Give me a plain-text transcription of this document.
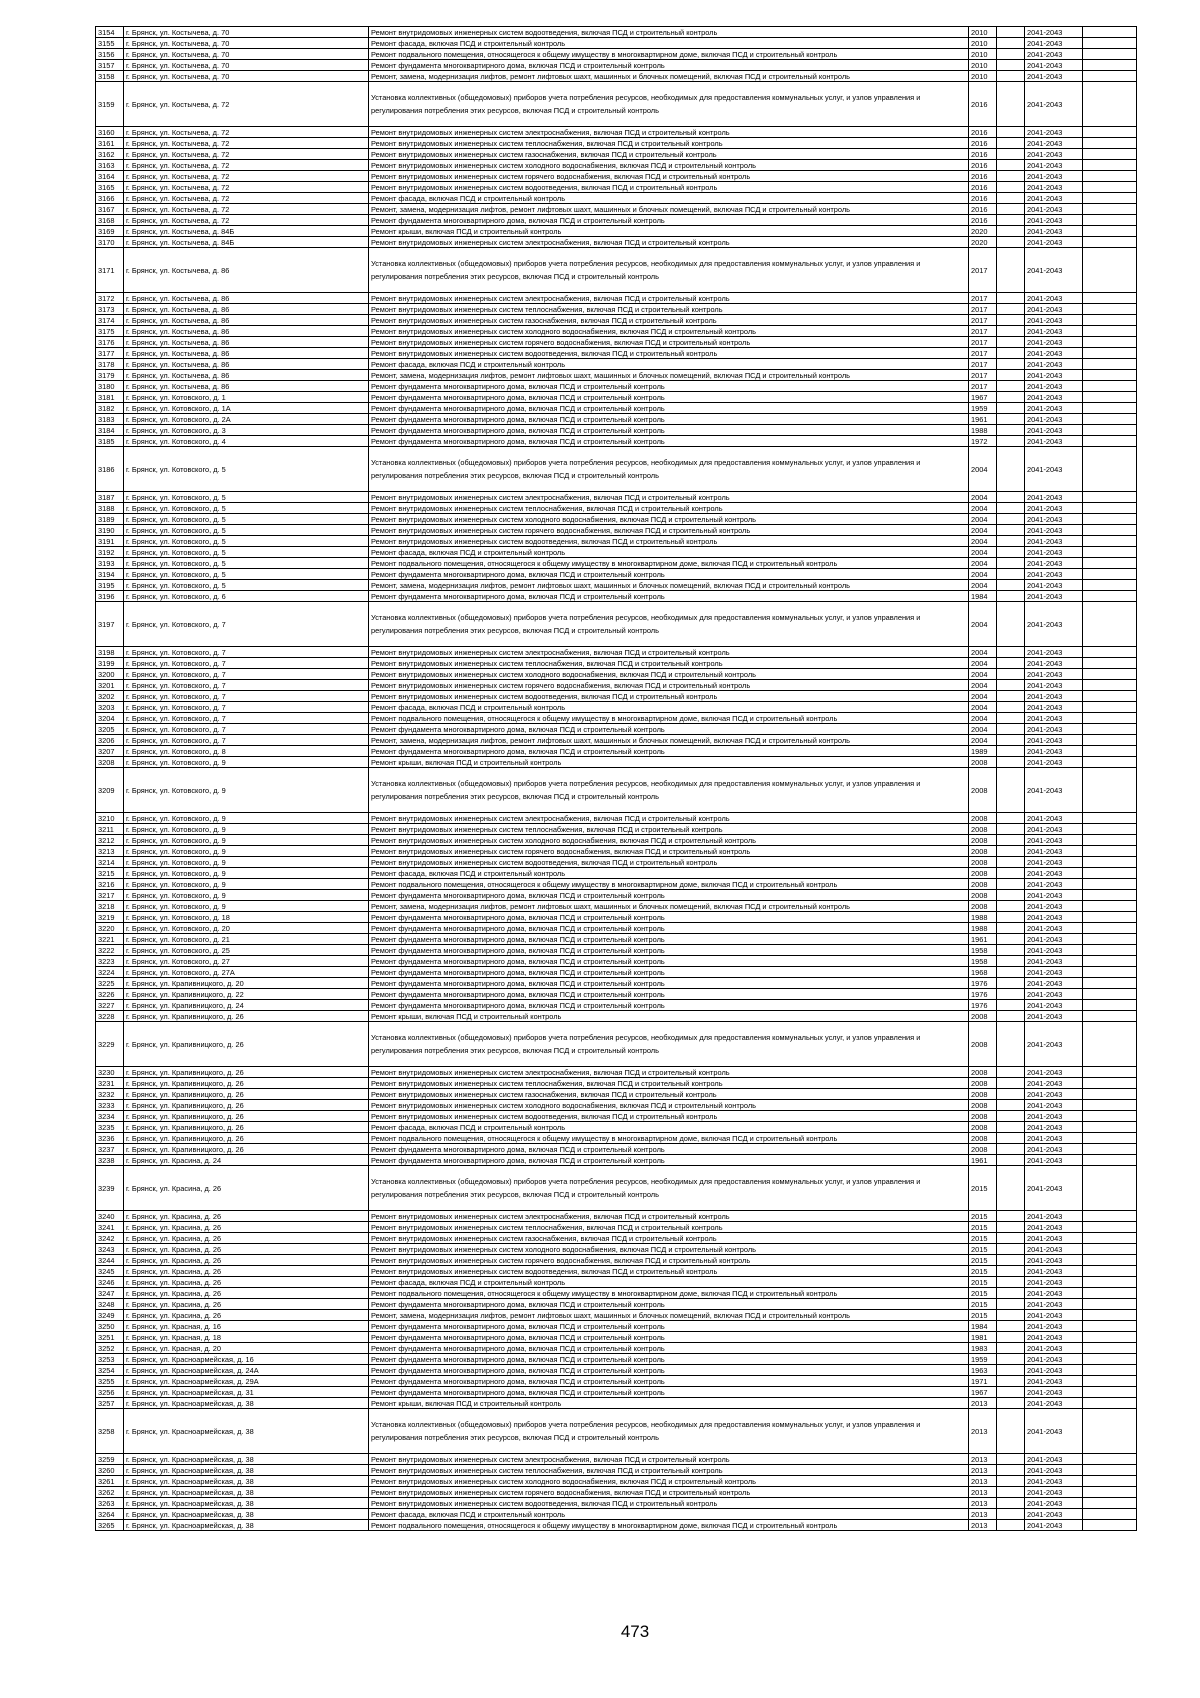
3154	г. Брянск, ул. Костычева, д. 70	Ремонт внутридомовых инженерных систем водоотведения, включая ПСД и строительный контроль	2010		2041-2043	
3155	г. Брянск, ул. Костычева, д. 70	Ремонт фасада, включая ПСД и строительный контроль	2010		2041-2043	
3156	г. Брянск, ул. Костычева, д. 70	Ремонт подвального помещения, относящегося к общему имуществу в многоквартирном доме, включая ПСД и строительный контроль	2010		2041-2043	
3157	г. Брянск, ул. Костычева, д. 70	Ремонт фундамента многоквартирного дома, включая ПСД и строительный контроль	2010		2041-2043	
3158	г. Брянск, ул. Костычева, д. 70	Ремонт, замена, модернизация лифтов, ремонт лифтовых шахт, машинных и блочных помещений, включая ПСД и строительный контроль	2010		2041-2043	
3159	г. Брянск, ул. Костычева, д. 72	Установка коллективных (общедомовых) приборов учета потребления ресурсов, необходимых для предоставления коммунальных услуг, и узлов управления и регулирования потребления этих ресурсов, включая ПСД и строительный контроль	2016		2041-2043	
3160	г. Брянск, ул. Костычева, д. 72	Ремонт внутридомовых инженерных систем электроснабжения, включая ПСД и строительный контроль	2016		2041-2043	
3161	г. Брянск, ул. Костычева, д. 72	Ремонт внутридомовых инженерных систем теплоснабжения, включая ПСД и строительный контроль	2016		2041-2043	
3162	г. Брянск, ул. Костычева, д. 72	Ремонт внутридомовых инженерных систем газоснабжения, включая ПСД и строительный контроль	2016		2041-2043	
3163	г. Брянск, ул. Костычева, д. 72	Ремонт внутридомовых инженерных систем холодного водоснабжения, включая ПСД и строительный контроль	2016		2041-2043	
3164	г. Брянск, ул. Костычева, д. 72	Ремонт внутридомовых инженерных систем горячего водоснабжения, включая ПСД и строительный контроль	2016		2041-2043	
3165	г. Брянск, ул. Костычева, д. 72	Ремонт внутридомовых инженерных систем водоотведения, включая ПСД и строительный контроль	2016		2041-2043	
3166	г. Брянск, ул. Костычева, д. 72	Ремонт фасада, включая ПСД и строительный контроль	2016		2041-2043	
3167	г. Брянск, ул. Костычева, д. 72	Ремонт, замена, модернизация лифтов, ремонт лифтовых шахт, машинных и блочных помещений, включая ПСД и строительный контроль	2016		2041-2043	
3168	г. Брянск, ул. Костычева, д. 72	Ремонт фундамента многоквартирного дома, включая ПСД и строительный контроль	2016		2041-2043	
3169	г. Брянск, ул. Костычева, д. 84Б	Ремонт крыши, включая ПСД и строительный контроль	2020		2041-2043	
3170	г. Брянск, ул. Костычева, д. 84Б	Ремонт внутридомовых инженерных систем электроснабжения, включая ПСД и строительный контроль	2020		2041-2043	
3171	г. Брянск, ул. Костычева, д. 86	Установка коллективных (общедомовых) приборов учета потребления ресурсов, необходимых для предоставления коммунальных услуг, и узлов управления и регулирования потребления этих ресурсов, включая ПСД и строительный контроль	2017		2041-2043	
3172	г. Брянск, ул. Костычева, д. 86	Ремонт внутридомовых инженерных систем электроснабжения, включая ПСД и строительный контроль	2017		2041-2043	
3173	г. Брянск, ул. Костычева, д. 86	Ремонт внутридомовых инженерных систем теплоснабжения, включая ПСД и строительный контроль	2017		2041-2043	
3174	г. Брянск, ул. Костычева, д. 86	Ремонт внутридомовых инженерных систем газоснабжения, включая ПСД и строительный контроль	2017		2041-2043	
3175	г. Брянск, ул. Костычева, д. 86	Ремонт внутридомовых инженерных систем холодного водоснабжения, включая ПСД и строительный контроль	2017		2041-2043	
3176	г. Брянск, ул. Костычева, д. 86	Ремонт внутридомовых инженерных систем горячего водоснабжения, включая ПСД и строительный контроль	2017		2041-2043	
3177	г. Брянск, ул. Костычева, д. 86	Ремонт внутридомовых инженерных систем водоотведения, включая ПСД и строительный контроль	2017		2041-2043	
3178	г. Брянск, ул. Костычева, д. 86	Ремонт фасада, включая ПСД и строительный контроль	2017		2041-2043	
3179	г. Брянск, ул. Костычева, д. 86	Ремонт, замена, модернизация лифтов, ремонт лифтовых шахт, машинных и блочных помещений, включая ПСД и строительный контроль	2017		2041-2043	
3180	г. Брянск, ул. Костычева, д. 86	Ремонт фундамента многоквартирного дома, включая ПСД и строительный контроль	2017		2041-2043	
3181	г. Брянск, ул. Котовского, д. 1	Ремонт фундамента многоквартирного дома, включая ПСД и строительный контроль	1967		2041-2043	
3182	г. Брянск, ул. Котовского, д. 1А	Ремонт фундамента многоквартирного дома, включая ПСД и строительный контроль	1959		2041-2043	
3183	г. Брянск, ул. Котовского, д. 2А	Ремонт фундамента многоквартирного дома, включая ПСД и строительный контроль	1961		2041-2043	
3184	г. Брянск, ул. Котовского, д. 3	Ремонт фундамента многоквартирного дома, включая ПСД и строительный контроль	1988		2041-2043	
3185	г. Брянск, ул. Котовского, д. 4	Ремонт фундамента многоквартирного дома, включая ПСД и строительный контроль	1972		2041-2043	
3186	г. Брянск, ул. Котовского, д. 5	Установка коллективных (общедомовых) приборов учета потребления ресурсов, необходимых для предоставления коммунальных услуг, и узлов управления и регулирования потребления этих ресурсов, включая ПСД и строительный контроль	2004		2041-2043	
3187	г. Брянск, ул. Котовского, д. 5	Ремонт внутридомовых инженерных систем электроснабжения, включая ПСД и строительный контроль	2004		2041-2043	
3188	г. Брянск, ул. Котовского, д. 5	Ремонт внутридомовых инженерных систем теплоснабжения, включая ПСД и строительный контроль	2004		2041-2043	
3189	г. Брянск, ул. Котовского, д. 5	Ремонт внутридомовых инженерных систем холодного водоснабжения, включая ПСД и строительный контроль	2004		2041-2043	
3190	г. Брянск, ул. Котовского, д. 5	Ремонт внутридомовых инженерных систем горячего водоснабжения, включая ПСД и строительный контроль	2004		2041-2043	
3191	г. Брянск, ул. Котовского, д. 5	Ремонт внутридомовых инженерных систем водоотведения, включая ПСД и строительный контроль	2004		2041-2043	
3192	г. Брянск, ул. Котовского, д. 5	Ремонт фасада, включая ПСД и строительный контроль	2004		2041-2043	
3193	г. Брянск, ул. Котовского, д. 5	Ремонт подвального помещения, относящегося к общему имуществу в многоквартирном доме, включая ПСД и строительный контроль	2004		2041-2043	
3194	г. Брянск, ул. Котовского, д. 5	Ремонт фундамента многоквартирного дома, включая ПСД и строительный контроль	2004		2041-2043	
3195	г. Брянск, ул. Котовского, д. 5	Ремонт, замена, модернизация лифтов, ремонт лифтовых шахт, машинных и блочных помещений, включая ПСД и строительный контроль	2004		2041-2043	
3196	г. Брянск, ул. Котовского, д. 6	Ремонт фундамента многоквартирного дома, включая ПСД и строительный контроль	1984		2041-2043	
3197	г. Брянск, ул. Котовского, д. 7	Установка коллективных (общедомовых) приборов учета потребления ресурсов, необходимых для предоставления коммунальных услуг, и узлов управления и регулирования потребления этих ресурсов, включая ПСД и строительный контроль	2004		2041-2043	
3198	г. Брянск, ул. Котовского, д. 7	Ремонт внутридомовых инженерных систем электроснабжения, включая ПСД и строительный контроль	2004		2041-2043	
3199	г. Брянск, ул. Котовского, д. 7	Ремонт внутридомовых инженерных систем теплоснабжения, включая ПСД и строительный контроль	2004		2041-2043	
3200	г. Брянск, ул. Котовского, д. 7	Ремонт внутридомовых инженерных систем холодного водоснабжения, включая ПСД и строительный контроль	2004		2041-2043	
3201	г. Брянск, ул. Котовского, д. 7	Ремонт внутридомовых инженерных систем горячего водоснабжения, включая ПСД и строительный контроль	2004		2041-2043	
3202	г. Брянск, ул. Котовского, д. 7	Ремонт внутридомовых инженерных систем водоотведения, включая ПСД и строительный контроль	2004		2041-2043	
3203	г. Брянск, ул. Котовского, д. 7	Ремонт фасада, включая ПСД и строительный контроль	2004		2041-2043	
3204	г. Брянск, ул. Котовского, д. 7	Ремонт подвального помещения, относящегося к общему имуществу в многоквартирном доме, включая ПСД и строительный контроль	2004		2041-2043	
3205	г. Брянск, ул. Котовского, д. 7	Ремонт фундамента многоквартирного дома, включая ПСД и строительный контроль	2004		2041-2043	
3206	г. Брянск, ул. Котовского, д. 7	Ремонт, замена, модернизация лифтов, ремонт лифтовых шахт, машинных и блочных помещений, включая ПСД и строительный контроль	2004		2041-2043	
3207	г. Брянск, ул. Котовского, д. 8	Ремонт фундамента многоквартирного дома, включая ПСД и строительный контроль	1989		2041-2043	
3208	г. Брянск, ул. Котовского, д. 9	Ремонт крыши, включая ПСД и строительный контроль	2008		2041-2043	
3209	г. Брянск, ул. Котовского, д. 9	Установка коллективных (общедомовых) приборов учета потребления ресурсов, необходимых для предоставления коммунальных услуг, и узлов управления и регулирования потребления этих ресурсов, включая ПСД и строительный контроль	2008		2041-2043	
3210	г. Брянск, ул. Котовского, д. 9	Ремонт внутридомовых инженерных систем электроснабжения, включая ПСД и строительный контроль	2008		2041-2043	
3211	г. Брянск, ул. Котовского, д. 9	Ремонт внутридомовых инженерных систем теплоснабжения, включая ПСД и строительный контроль	2008		2041-2043	
3212	г. Брянск, ул. Котовского, д. 9	Ремонт внутридомовых инженерных систем холодного водоснабжения, включая ПСД и строительный контроль	2008		2041-2043	
3213	г. Брянск, ул. Котовского, д. 9	Ремонт внутридомовых инженерных систем горячего водоснабжения, включая ПСД и строительный контроль	2008		2041-2043	
3214	г. Брянск, ул. Котовского, д. 9	Ремонт внутридомовых инженерных систем водоотведения, включая ПСД и строительный контроль	2008		2041-2043	
3215	г. Брянск, ул. Котовского, д. 9	Ремонт фасада, включая ПСД и строительный контроль	2008		2041-2043	
3216	г. Брянск, ул. Котовского, д. 9	Ремонт подвального помещения, относящегося к общему имуществу в многоквартирном доме, включая ПСД и строительный контроль	2008		2041-2043	
3217	г. Брянск, ул. Котовского, д. 9	Ремонт фундамента многоквартирного дома, включая ПСД и строительный контроль	2008		2041-2043	
3218	г. Брянск, ул. Котовского, д. 9	Ремонт, замена, модернизация лифтов, ремонт лифтовых шахт, машинных и блочных помещений, включая ПСД и строительный контроль	2008		2041-2043	
3219	г. Брянск, ул. Котовского, д. 18	Ремонт фундамента многоквартирного дома, включая ПСД и строительный контроль	1988		2041-2043	
3220	г. Брянск, ул. Котовского, д. 20	Ремонт фундамента многоквартирного дома, включая ПСД и строительный контроль	1988		2041-2043	
3221	г. Брянск, ул. Котовского, д. 21	Ремонт фундамента многоквартирного дома, включая ПСД и строительный контроль	1961		2041-2043	
3222	г. Брянск, ул. Котовского, д. 25	Ремонт фундамента многоквартирного дома, включая ПСД и строительный контроль	1958		2041-2043	
3223	г. Брянск, ул. Котовского, д. 27	Ремонт фундамента многоквартирного дома, включая ПСД и строительный контроль	1958		2041-2043	
3224	г. Брянск, ул. Котовского, д. 27А	Ремонт фундамента многоквартирного дома, включая ПСД и строительный контроль	1968		2041-2043	
3225	г. Брянск, ул. Крапивницкого, д. 20	Ремонт фундамента многоквартирного дома, включая ПСД и строительный контроль	1976		2041-2043	
3226	г. Брянск, ул. Крапивницкого, д. 22	Ремонт фундамента многоквартирного дома, включая ПСД и строительный контроль	1976		2041-2043	
3227	г. Брянск, ул. Крапивницкого, д. 24	Ремонт фундамента многоквартирного дома, включая ПСД и строительный контроль	1976		2041-2043	
3228	г. Брянск, ул. Крапивницкого, д. 26	Ремонт крыши, включая ПСД и строительный контроль	2008		2041-2043	
3229	г. Брянск, ул. Крапивницкого, д. 26	Установка коллективных (общедомовых) приборов учета потребления ресурсов, необходимых для предоставления коммунальных услуг, и узлов управления и регулирования потребления этих ресурсов, включая ПСД и строительный контроль	2008		2041-2043	
3230	г. Брянск, ул. Крапивницкого, д. 26	Ремонт внутридомовых инженерных систем электроснабжения, включая ПСД и строительный контроль	2008		2041-2043	
3231	г. Брянск, ул. Крапивницкого, д. 26	Ремонт внутридомовых инженерных систем теплоснабжения, включая ПСД и строительный контроль	2008		2041-2043	
3232	г. Брянск, ул. Крапивницкого, д. 26	Ремонт внутридомовых инженерных систем газоснабжения, включая ПСД и строительный контроль	2008		2041-2043	
3233	г. Брянск, ул. Крапивницкого, д. 26	Ремонт внутридомовых инженерных систем холодного водоснабжения, включая ПСД и строительный контроль	2008		2041-2043	
3234	г. Брянск, ул. Крапивницкого, д. 26	Ремонт внутридомовых инженерных систем водоотведения, включая ПСД и строительный контроль	2008		2041-2043	
3235	г. Брянск, ул. Крапивницкого, д. 26	Ремонт фасада, включая ПСД и строительный контроль	2008		2041-2043	
3236	г. Брянск, ул. Крапивницкого, д. 26	Ремонт подвального помещения, относящегося к общему имуществу в многоквартирном доме, включая ПСД и строительный контроль	2008		2041-2043	
3237	г. Брянск, ул. Крапивницкого, д. 26	Ремонт фундамента многоквартирного дома, включая ПСД и строительный контроль	2008		2041-2043	
3238	г. Брянск, ул. Красина, д. 24	Ремонт фундамента многоквартирного дома, включая ПСД и строительный контроль	1961		2041-2043	
3239	г. Брянск, ул. Красина, д. 26	Установка коллективных (общедомовых) приборов учета потребления ресурсов, необходимых для предоставления коммунальных услуг, и узлов управления и регулирования потребления этих ресурсов, включая ПСД и строительный контроль	2015		2041-2043	
3240	г. Брянск, ул. Красина, д. 26	Ремонт внутридомовых инженерных систем электроснабжения, включая ПСД и строительный контроль	2015		2041-2043	
3241	г. Брянск, ул. Красина, д. 26	Ремонт внутридомовых инженерных систем теплоснабжения, включая ПСД и строительный контроль	2015		2041-2043	
3242	г. Брянск, ул. Красина, д. 26	Ремонт внутридомовых инженерных систем газоснабжения, включая ПСД и строительный контроль	2015		2041-2043	
3243	г. Брянск, ул. Красина, д. 26	Ремонт внутридомовых инженерных систем холодного водоснабжения, включая ПСД и строительный контроль	2015		2041-2043	
3244	г. Брянск, ул. Красина, д. 26	Ремонт внутридомовых инженерных систем горячего водоснабжения, включая ПСД и строительный контроль	2015		2041-2043	
3245	г. Брянск, ул. Красина, д. 26	Ремонт внутридомовых инженерных систем водоотведения, включая ПСД и строительный контроль	2015		2041-2043	
3246	г. Брянск, ул. Красина, д. 26	Ремонт фасада, включая ПСД и строительный контроль	2015		2041-2043	
3247	г. Брянск, ул. Красина, д. 26	Ремонт подвального помещения, относящегося к общему имуществу в многоквартирном доме, включая ПСД и строительный контроль	2015		2041-2043	
3248	г. Брянск, ул. Красина, д. 26	Ремонт фундамента многоквартирного дома, включая ПСД и строительный контроль	2015		2041-2043	
3249	г. Брянск, ул. Красина, д. 26	Ремонт, замена, модернизация лифтов, ремонт лифтовых шахт, машинных и блочных помещений, включая ПСД и строительный контроль	2015		2041-2043	
3250	г. Брянск, ул. Красная, д. 16	Ремонт фундамента многоквартирного дома, включая ПСД и строительный контроль	1984		2041-2043	
3251	г. Брянск, ул. Красная, д. 18	Ремонт фундамента многоквартирного дома, включая ПСД и строительный контроль	1981		2041-2043	
3252	г. Брянск, ул. Красная, д. 20	Ремонт фундамента многоквартирного дома, включая ПСД и строительный контроль	1983		2041-2043	
3253	г. Брянск, ул. Красноармейская, д. 16	Ремонт фундамента многоквартирного дома, включая ПСД и строительный контроль	1959		2041-2043	
3254	г. Брянск, ул. Красноармейская, д. 24А	Ремонт фундамента многоквартирного дома, включая ПСД и строительный контроль	1963		2041-2043	
3255	г. Брянск, ул. Красноармейская, д. 29А	Ремонт фундамента многоквартирного дома, включая ПСД и строительный контроль	1971		2041-2043	
3256	г. Брянск, ул. Красноармейская, д. 31	Ремонт фундамента многоквартирного дома, включая ПСД и строительный контроль	1967		2041-2043	
3257	г. Брянск, ул. Красноармейская, д. 38	Ремонт крыши, включая ПСД и строительный контроль	2013		2041-2043	
3258	г. Брянск, ул. Красноармейская, д. 38	Установка коллективных (общедомовых) приборов учета потребления ресурсов, необходимых для предоставления коммунальных услуг, и узлов управления и регулирования потребления этих ресурсов, включая ПСД и строительный контроль	2013		2041-2043	
3259	г. Брянск, ул. Красноармейская, д. 38	Ремонт внутридомовых инженерных систем электроснабжения, включая ПСД и строительный контроль	2013		2041-2043	
3260	г. Брянск, ул. Красноармейская, д. 38	Ремонт внутридомовых инженерных систем теплоснабжения, включая ПСД и строительный контроль	2013		2041-2043	
3261	г. Брянск, ул. Красноармейская, д. 38	Ремонт внутридомовых инженерных систем холодного водоснабжения, включая ПСД и строительный контроль	2013		2041-2043	
3262	г. Брянск, ул. Красноармейская, д. 38	Ремонт внутридомовых инженерных систем горячего водоснабжения, включая ПСД и строительный контроль	2013		2041-2043	
3263	г. Брянск, ул. Красноармейская, д. 38	Ремонт внутридомовых инженерных систем водоотведения, включая ПСД и строительный контроль	2013		2041-2043	
3264	г. Брянск, ул. Красноармейская, д. 38	Ремонт фасада, включая ПСД и строительный контроль	2013		2041-2043	
3265	г. Брянск, ул. Красноармейская, д. 38	Ремонт подвального помещения, относящегося к общему имуществу в многоквартирном доме, включая ПСД и строительный контроль	2013		2041-2043	
473
